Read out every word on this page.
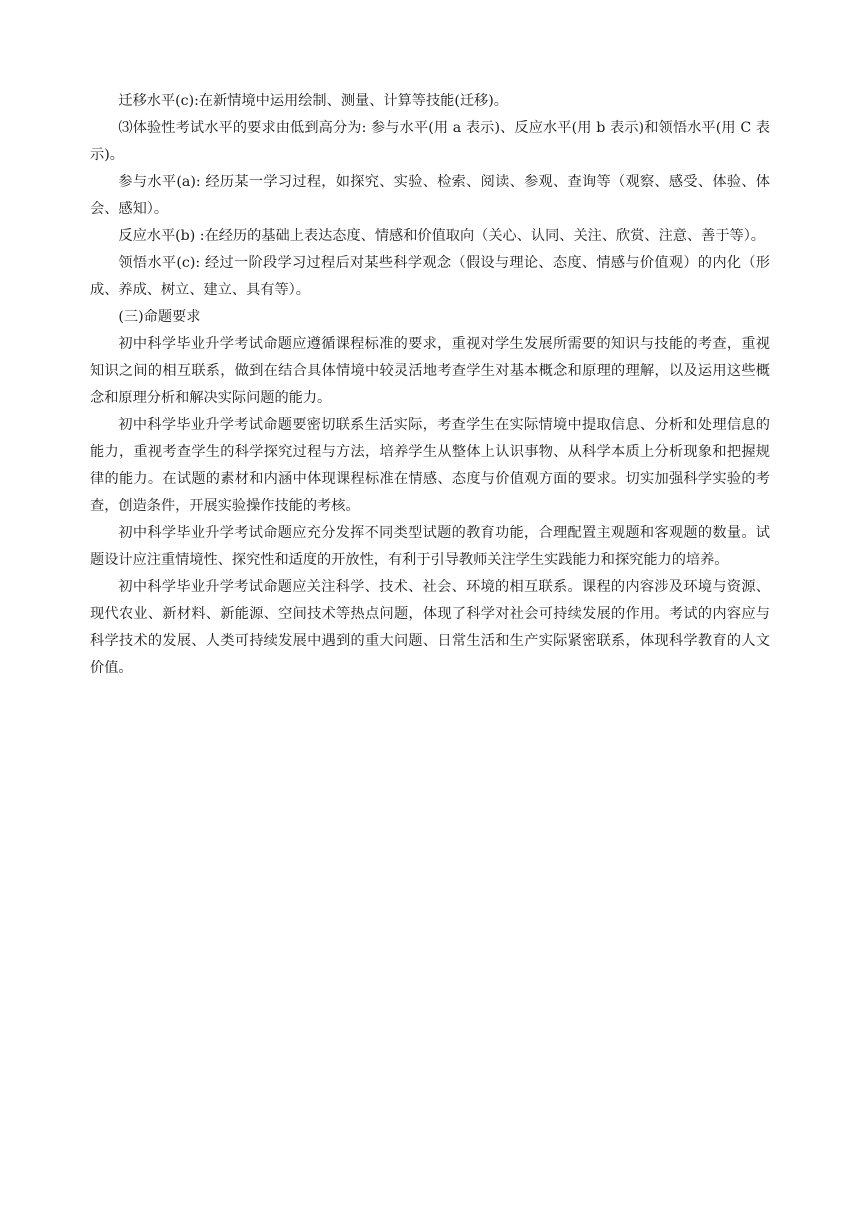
迁移水平(c):在新情境中运用绘制、测量、计算等技能(迁移)。

⑶体验性考试水平的要求由低到高分为: 参与水平(用 a 表示)、反应水平(用 b 表示)和领悟水平(用 C 表示)。

参与水平(a): 经历某一学习过程，如探究、实验、检索、阅读、参观、查询等（观察、感受、体验、体会、感知）。

反应水平(b) :在经历的基础上表达态度、情感和价值取向（关心、认同、关注、欣赏、注意、善于等）。

领悟水平(c): 经过一阶段学习过程后对某些科学观念（假设与理论、态度、情感与价值观）的内化（形成、养成、树立、建立、具有等）。

(三)命题要求

初中科学毕业升学考试命题应遵循课程标准的要求，重视对学生发展所需要的知识与技能的考查，重视知识之间的相互联系，做到在结合具体情境中较灵活地考查学生对基本概念和原理的理解，以及运用这些概念和原理分析和解决实际问题的能力。

初中科学毕业升学考试命题要密切联系生活实际，考查学生在实际情境中提取信息、分析和处理信息的能力，重视考查学生的科学探究过程与方法，培养学生从整体上认识事物、从科学本质上分析现象和把握规律的能力。在试题的素材和内涵中体现课程标准在情感、态度与价值观方面的要求。切实加强科学实验的考查，创造条件，开展实验操作技能的考核。

初中科学毕业升学考试命题应充分发挥不同类型试题的教育功能，合理配置主观题和客观题的数量。试题设计应注重情境性、探究性和适度的开放性，有利于引导教师关注学生实践能力和探究能力的培养。

初中科学毕业升学考试命题应关注科学、技术、社会、环境的相互联系。课程的内容涉及环境与资源、现代农业、新材料、新能源、空间技术等热点问题，体现了科学对社会可持续发展的作用。考试的内容应与科学技术的发展、人类可持续发展中遇到的重大问题、日常生活和生产实际紧密联系，体现科学教育的人文价值。
